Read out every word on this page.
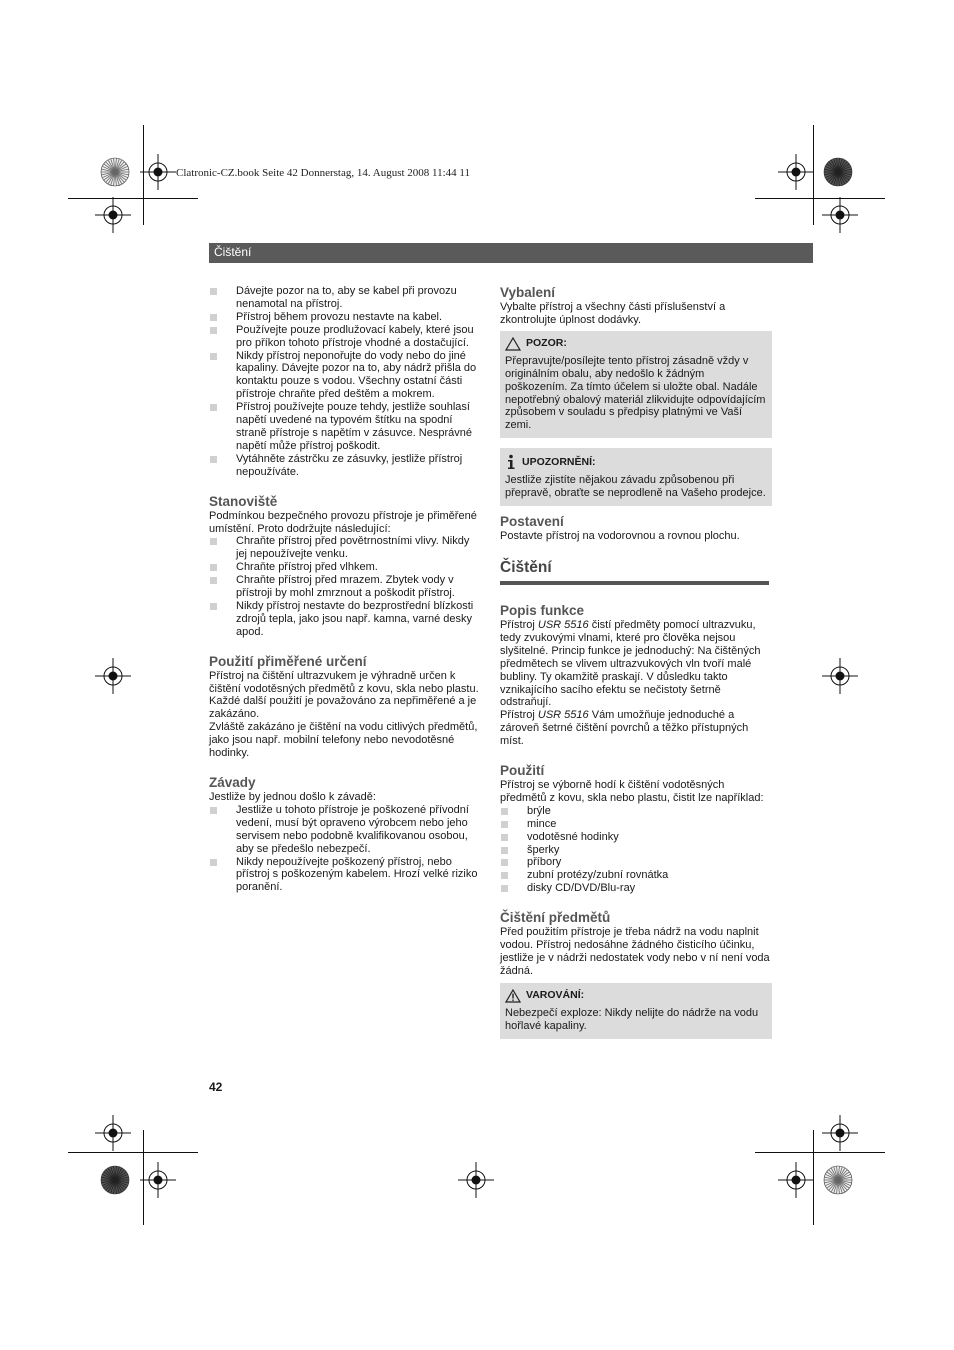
Clatronic-CZ.book Seite 42 Donnerstag, 14. August 2008 11:44 11
Čištění
Dávejte pozor na to, aby se kabel při provozu nenamotal na přístroj.
Přístroj během provozu nestavte na kabel.
Používejte pouze prodlužovací kabely, které jsou pro příkon tohoto přístroje vhodné a dostačující.
Nikdy přístroj neponořujte do vody nebo do jiné kapaliny. Dávejte pozor na to, aby nádrž přišla do kontaktu pouze s vodou. Všechny ostatní části přístroje chraňte před deštěm a mokrem.
Přístroj používejte pouze tehdy, jestliže souhlasí napětí uvedené na typovém štítku na spodní straně přístroje s napětím v zásuvce. Nesprávné napětí může přístroj poškodit.
Vytáhněte zástrčku ze zásuvky, jestliže přístroj nepoužíváte.
Stanoviště

Podmínkou bezpečného provozu přístroje je přiměřené umístění. Proto dodržujte následující:

Chraňte přístroj před povětrnostními vlivy. Nikdy jej nepoužívejte venku.
Chraňte přístroj před vlhkem.
Chraňte přístroj před mrazem. Zbytek vody v přístroji by mohl zmrznout a poškodit přístroj.
Nikdy přístroj nestavte do bezprostřední blízkosti zdrojů tepla, jako jsou např. kamna, varné desky apod.
Použití přiměřené určení

Přístroj na čištění ultrazvukem je výhradně určen k čištění vodotěsných předmětů z kovu, skla nebo plastu.

Každé další použití je považováno za nepřiměřené a je zakázáno.

Zvláště zakázáno je čištění na vodu citlivých předmětů, jako jsou např. mobilní telefony nebo nevodotěsné hodinky.

Závady

Jestliže by jednou došlo k závadě:

Jestliže u tohoto přístroje je poškozené přívodní vedení, musí být opraveno výrobcem nebo jeho servisem nebo podobně kvalifikovanou osobou, aby se předešlo nebezpečí.
Nikdy nepoužívejte poškozený přístroj, nebo přístroj s poškozeným kabelem. Hrozí velké riziko poranění.
Vybalení

Vybalte přístroj a všechny části příslušenství a zkontrolujte úplnost dodávky.

POZOR:

Přepravujte/posílejte tento přístroj zásadně vždy v originálním obalu, aby nedošlo k žádným poškozením. Za tímto účelem si uložte obal. Nadále nepotřebný obalový materiál zlikvidujte odpovídajícím způsobem v souladu s předpisy platnými ve Vaší zemi.

UPOZORNĚNÍ:

Jestliže zjistíte nějakou závadu způsobenou při přepravě, obraťte se neprodleně na Vašeho prodejce.

Postavení

Postavte přístroj na vodorovnou a rovnou plochu.

Čištění
Popis funkce

Přístroj USR 5516 čistí předměty pomocí ultrazvuku, tedy zvukovými vlnami, které pro člověka nejsou slyšitelné. Princip funkce je jednoduchý: Na čištěných předmětech se vlivem ultrazvukových vln tvoří malé bubliny. Ty okamžitě praskají. V důsledku takto vznikajícího sacího efektu se nečistoty šetrně odstraňují.

Přístroj USR 5516 Vám umožňuje jednoduché a zároveň šetrné čištění povrchů a těžko přístupných míst.

Použití

Přístroj se výborně hodí k čištění vodotěsných předmětů z kovu, skla nebo plastu, čistit lze například:

brýle
mince
vodotěsné hodinky
šperky
příbory
zubní protézy/zubní rovnátka
disky CD/DVD/Blu-ray
Čištění předmětů

Před použitím přístroje je třeba nádrž na vodu naplnit vodou. Přístroj nedosáhne žádného čisticího účinku, jestliže je v nádrži nedostatek vody nebo v ní není voda žádná.

VAROVÁNÍ:

Nebezpečí exploze: Nikdy nelijte do nádrže na vodu hořlavé kapaliny.

42
